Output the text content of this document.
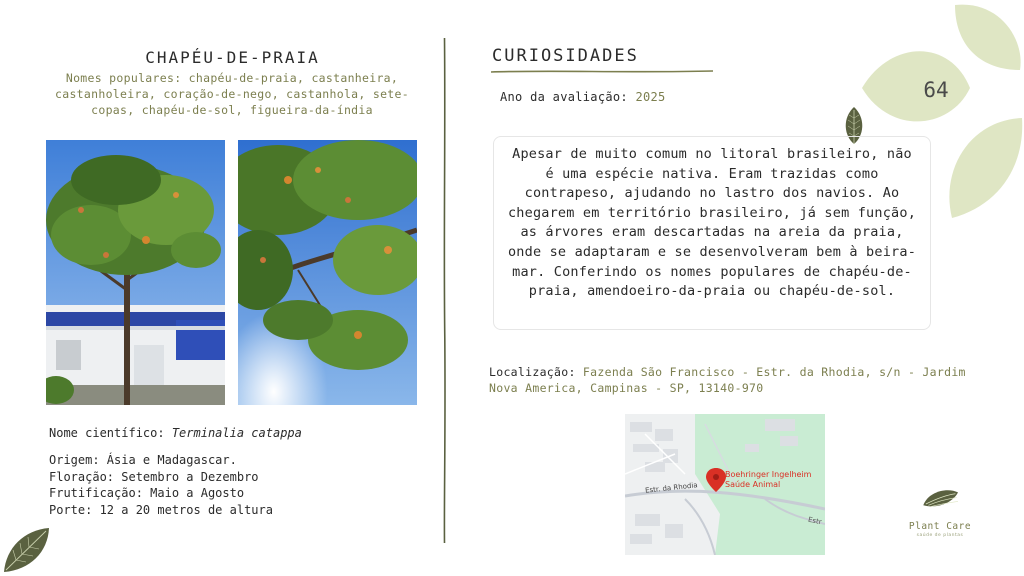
64
CHAPÉU-DE-PRAIA
Nomes populares: chapéu-de-praia, castanheira, castanholeira, coração-de-nego, castanhola, sete-copas, chapéu-de-sol, figueira-da-índia
Nome científico: Terminalia catappa
Origem: Ásia e Madagascar.
Floração: Setembro a Dezembro
Frutificação: Maio a Agosto
Porte: 12 a 20 metros de altura
CURIOSIDADES
Ano da avaliação: 2025
Apesar de muito comum no litoral brasileiro, não é uma espécie nativa. Eram trazidas como contrapeso, ajudando no lastro dos navios. Ao chegarem em território brasileiro, já sem função, as árvores eram descartadas na areia da praia, onde se adaptaram e se desenvolveram bem à beira-mar. Conferindo os nomes populares de chapéu-de-praia, amendoeiro-da-praia ou chapéu-de-sol.
Localização: Fazenda São Francisco - Estr. da Rhodia, s/n - Jardim Nova America, Campinas - SP, 13140-970
Boehringer Ingelheim
Saúde Animal
Estr. da Rhodia
Estr	Plant Care
saúde de plantas
